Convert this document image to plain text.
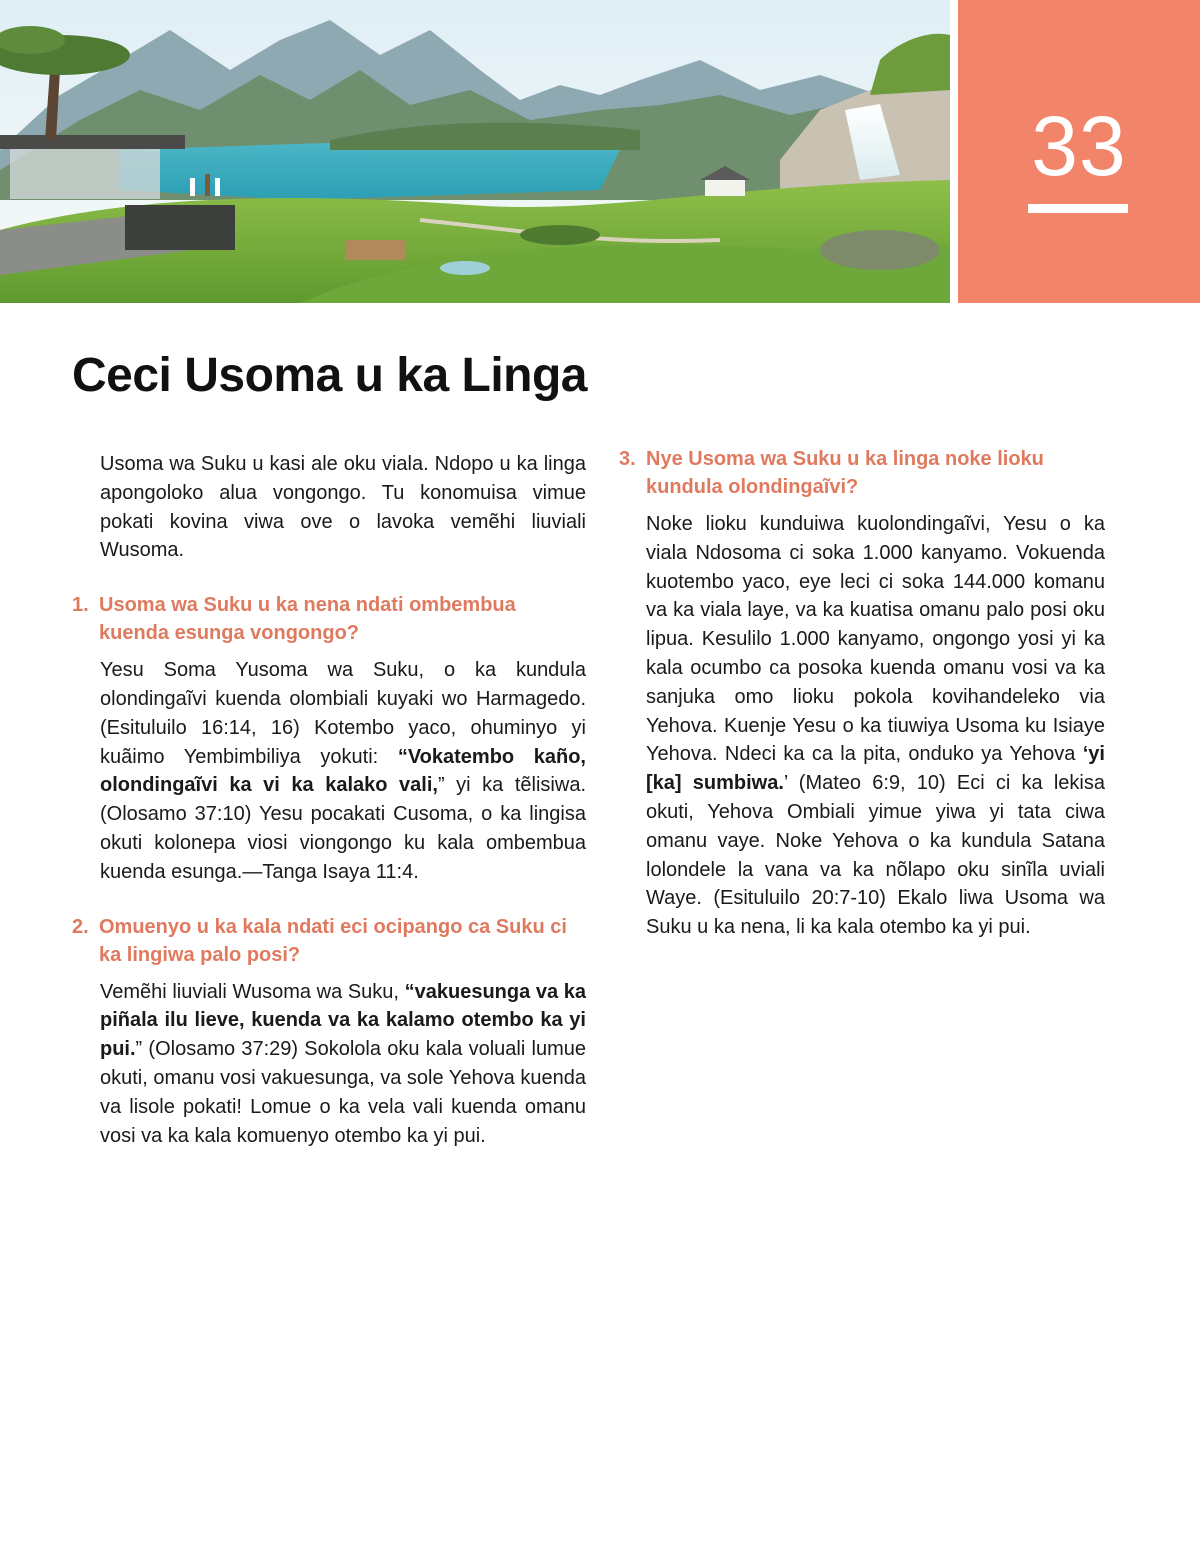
33
Ceci Usoma u ka Linga

Usoma wa Suku u kasi ale oku viala. Ndopo u ka linga apongoloko alua vongongo. Tu konomuisa vimue pokati kovina viwa ove o lavoka vemẽhi liuviali Wusoma.

1. Usoma wa Suku u ka nena ndati ombembua kuenda esunga vongongo?

Yesu Soma Yusoma wa Suku, o ka kundula olondingaĩvi kuenda olombiali kuyaki wo Harmagedo. (Esituluilo 16:14, 16) Kotembo yaco, ohuminyo yi kuãimo Yembimbiliya yokuti: “Vokatembo kaño, olondingaĩvi ka vi ka kalako vali,” yi ka tẽlisiwa. (Olosamo 37:10) Yesu pocakati Cusoma, o ka lingisa okuti kolonepa viosi viongongo ku kala ombembua kuenda esunga.—Tanga Isaya 11:4.

2. Omuenyo u ka kala ndati eci ocipango ca Suku ci ka lingiwa palo posi?

Vemẽhi liuviali Wusoma wa Suku, “vakuesunga va ka piñala ilu lieve, kuenda va ka kalamo otembo ka yi pui.” (Olosamo 37:29) Sokolola oku kala voluali lumue okuti, omanu vosi vakuesunga, va sole Yehova kuenda va lisole pokati! Lomue o ka vela vali kuenda omanu vosi va ka kala komuenyo otembo ka yi pui.

3. Nye Usoma wa Suku u ka linga noke lioku kundula olondingaĩvi?

Noke lioku kunduiwa kuolondingaĩvi, Yesu o ka viala Ndosoma ci soka 1.000 kanyamo. Vokuenda kuotembo yaco, eye leci ci soka 144.000 komanu va ka viala laye, va ka kuatisa omanu palo posi oku lipua. Kesulilo 1.000 kanyamo, ongongo yosi yi ka kala ocumbo ca posoka kuenda omanu vosi va ka sanjuka omo lioku pokola kovihandeleko via Yehova. Kuenje Yesu o ka tiuwiya Usoma ku Isiaye Yehova. Ndeci ka ca la pita, onduko ya Yehova ‘yi [ka] sumbiwa.’ (Mateo 6:9, 10) Eci ci ka lekisa okuti, Yehova Ombiali yimue yiwa yi tata ciwa omanu vaye. Noke Yehova o ka kundula Satana lolondele la vana va ka nõlapo oku sinĩla uviali Waye. (Esituluilo 20:7-10) Ekalo liwa Usoma wa Suku u ka nena, li ka kala otembo ka yi pui.
